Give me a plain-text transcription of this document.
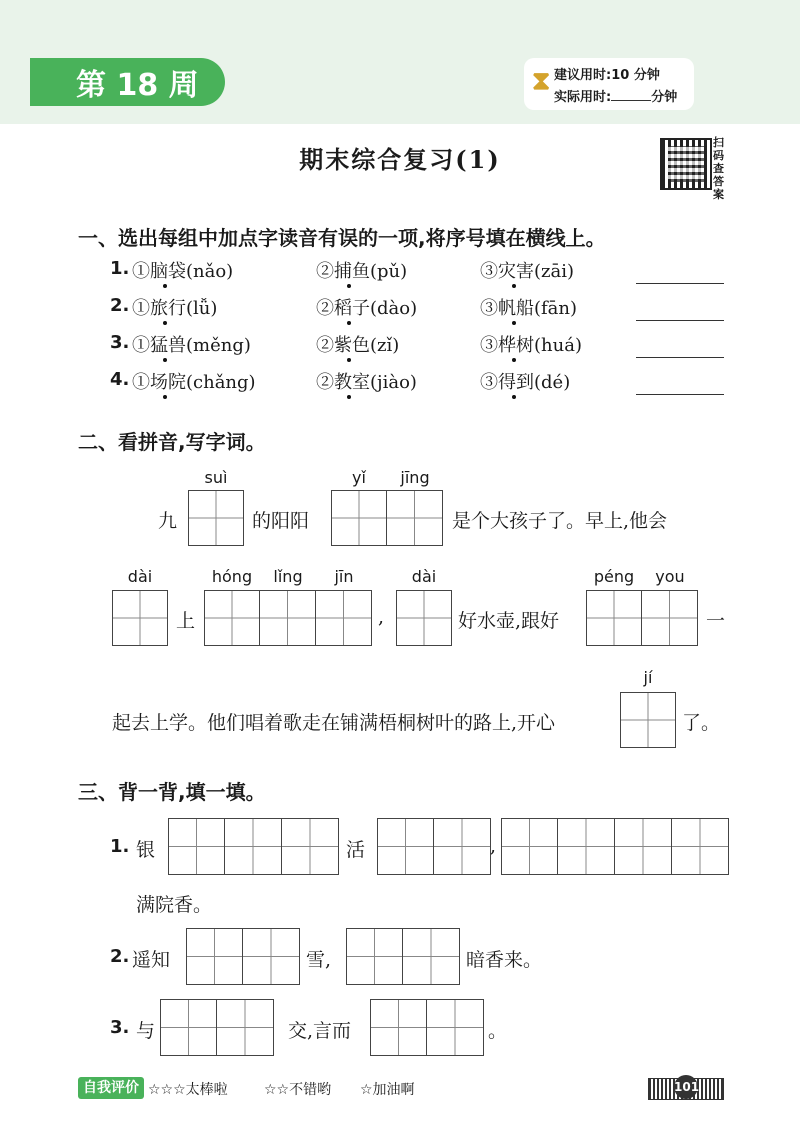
第 18 周	⧗ 建议用时:10 分钟
实际用时:	分钟
期末综合复习(1)
扫码查答案
一、选出每组中加点字读音有误的一项,将序号填在横线上。
1. ①脑袋(nǎo)	②捕鱼(pǔ)	③灾害(zāi)
2. ①旅行(lǚ)	②稻子(dào)	③帆船(fān)
3. ①猛兽(měng)	②紫色(zǐ)	③桦树(huá)
4. ①场院(chǎng)	②教室(jiào)	③得到(dé)
二、看拼音,写字词。
suì	yǐ	jīng
九	的阳阳	是个大孩子了。早上,他会
dài	hóng	lǐng	jīn	dài	péng	you
上	,	好水壶,跟好	一
jí
起去上学。他们唱着歌走在铺满梧桐树叶的路上,开心	了。
三、背一背,填一填。
1. 银	活	,
满院香。
2. 遥知	雪,	暗香来。
3. 与	交,言而	。
自我评价 ☆☆☆太棒啦	☆☆不错哟 ☆加油啊	101
